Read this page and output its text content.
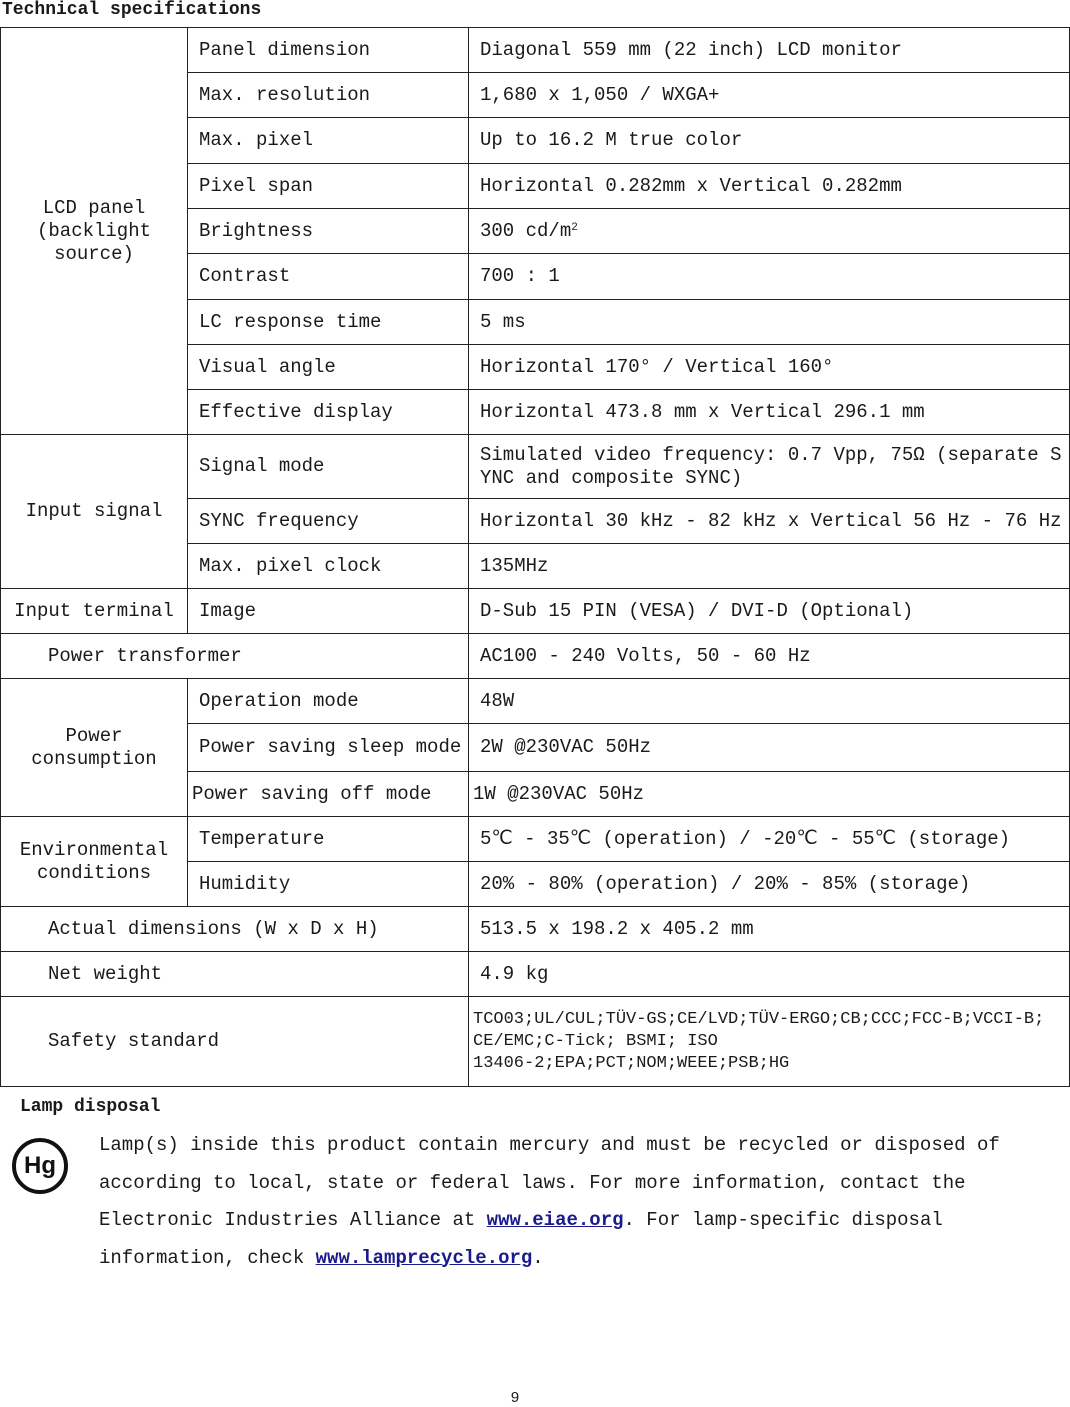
Technical specifications
LCD panel (backlight source)	Panel dimension	Diagonal 559 mm (22 inch) LCD monitor
	Max. resolution	1,680 x 1,050 / WXGA+
	Max. pixel	Up to 16.2 M true color
	Pixel span	Horizontal 0.282mm x Vertical 0.282mm
	Brightness	300 $cd/m^2$
	Contrast	700 : 1
	LC response time	5 ms
	Visual angle	Horizontal 170° / Vertical 160°
	Effective display	Horizontal 473.8 mm x Vertical 296.1 mm
Input signal	Signal mode	Simulated video frequency: 0.7 Vpp, 75Ω (separate SYNC and composite SYNC)
	SYNC frequency	Horizontal 30 kHz - 82 kHz x Vertical 56 Hz - 76 Hz
	Max. pixel clock	135MHz
Input terminal	Image	D-Sub 15 PIN (VESA) / DVI-D (Optional)
Power transformer		AC100 - 240 Volts, 50 - 60 Hz
Power consumption	Operation mode	48W
	Power saving sleep mode	2W @230VAC 50Hz
	Power saving off mode	1W @230VAC 50Hz
Environmental conditions	Temperature	5℃ - 35℃ (operation) / -20℃ - 55℃ (storage)
	Humidity	20% - 80% (operation) / 20% - 85% (storage)
Actual dimensions (W x D x H)		513.5 x 198.2 x 405.2 mm
Net weight		4.9 kg
Safety standard		TCO03;UL/CUL;TÜV-GS;CE/LVD;TÜV-ERGO;CB;CCC;FCC-B;VCCI-B;
CE/EMC;C-Tick; BSMI; ISO
13406-2;EPA;PCT;NOM;WEEE;PSB;HG
Lamp disposal
Hg
Lamp(s) inside this product contain mercury and must be recycled or disposed of according to local, state or federal laws. For more information, contact the Electronic Industries Alliance at www.eiae.org. For lamp-specific disposal information, check www.lamprecycle.org.
9
